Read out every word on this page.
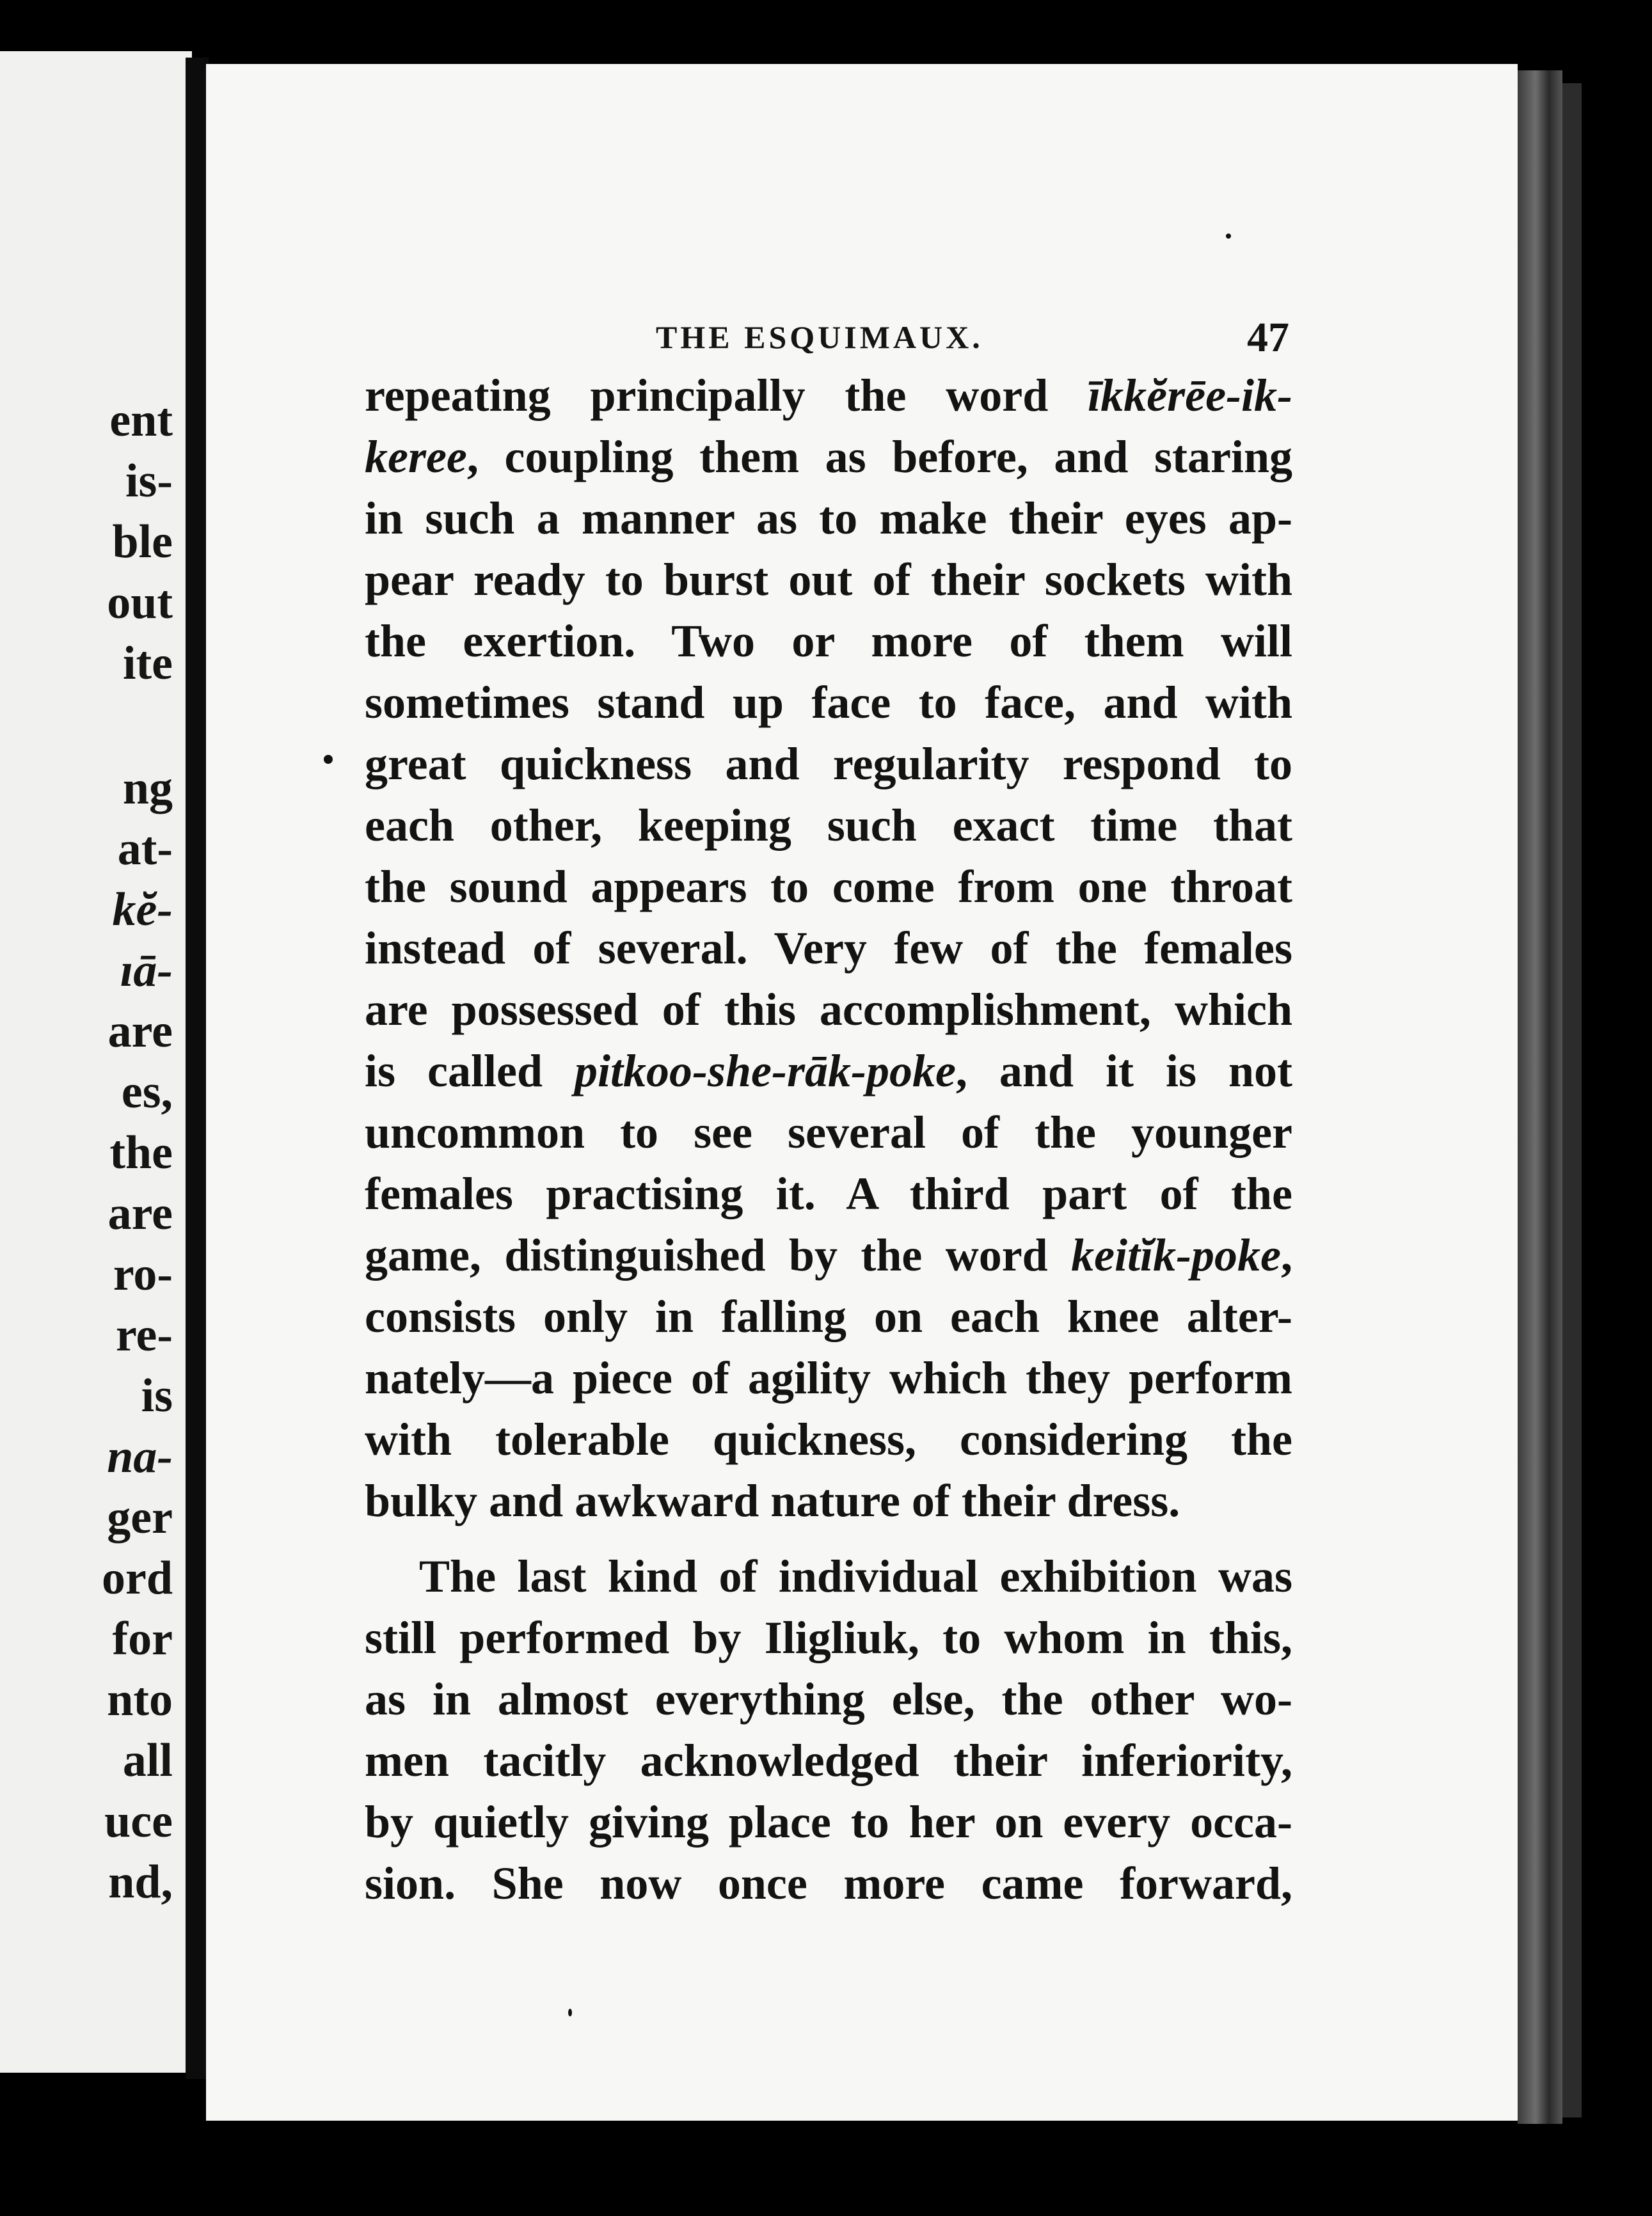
ent
is-
ble
out
ite
ng
at-
kĕ-
ıā-
are
es,
the
are
ro-
re-
is
na-
ger
ord
for
nto
all
uce
nd,
THE ESQUIMAUX.	47
repeating principally the word īkkĕrēe-ik-
keree, coupling them as before, and staring
in such a manner as to make their eyes ap-
pear ready to burst out of their sockets with
the exertion. Two or more of them will
sometimes stand up face to face, and with
great quickness and regularity respond to
each other, keeping such exact time that
the sound appears to come from one throat
instead of several. Very few of the females
are possessed of this accomplishment, which
is called pitkoo-she-rāk-poke, and it is not
uncommon to see several of the younger
females practising it. A third part of the
game, distinguished by the word keitĭk-poke,
consists only in falling on each knee alter-
nately—a piece of agility which they perform
with tolerable quickness, considering the
bulky and awkward nature of their dress.
The last kind of individual exhibition was
still performed by Iligliuk, to whom in this,
as in almost everything else, the other wo-
men tacitly acknowledged their inferiority,
by quietly giving place to her on every occa-
sion. She now once more came forward,
